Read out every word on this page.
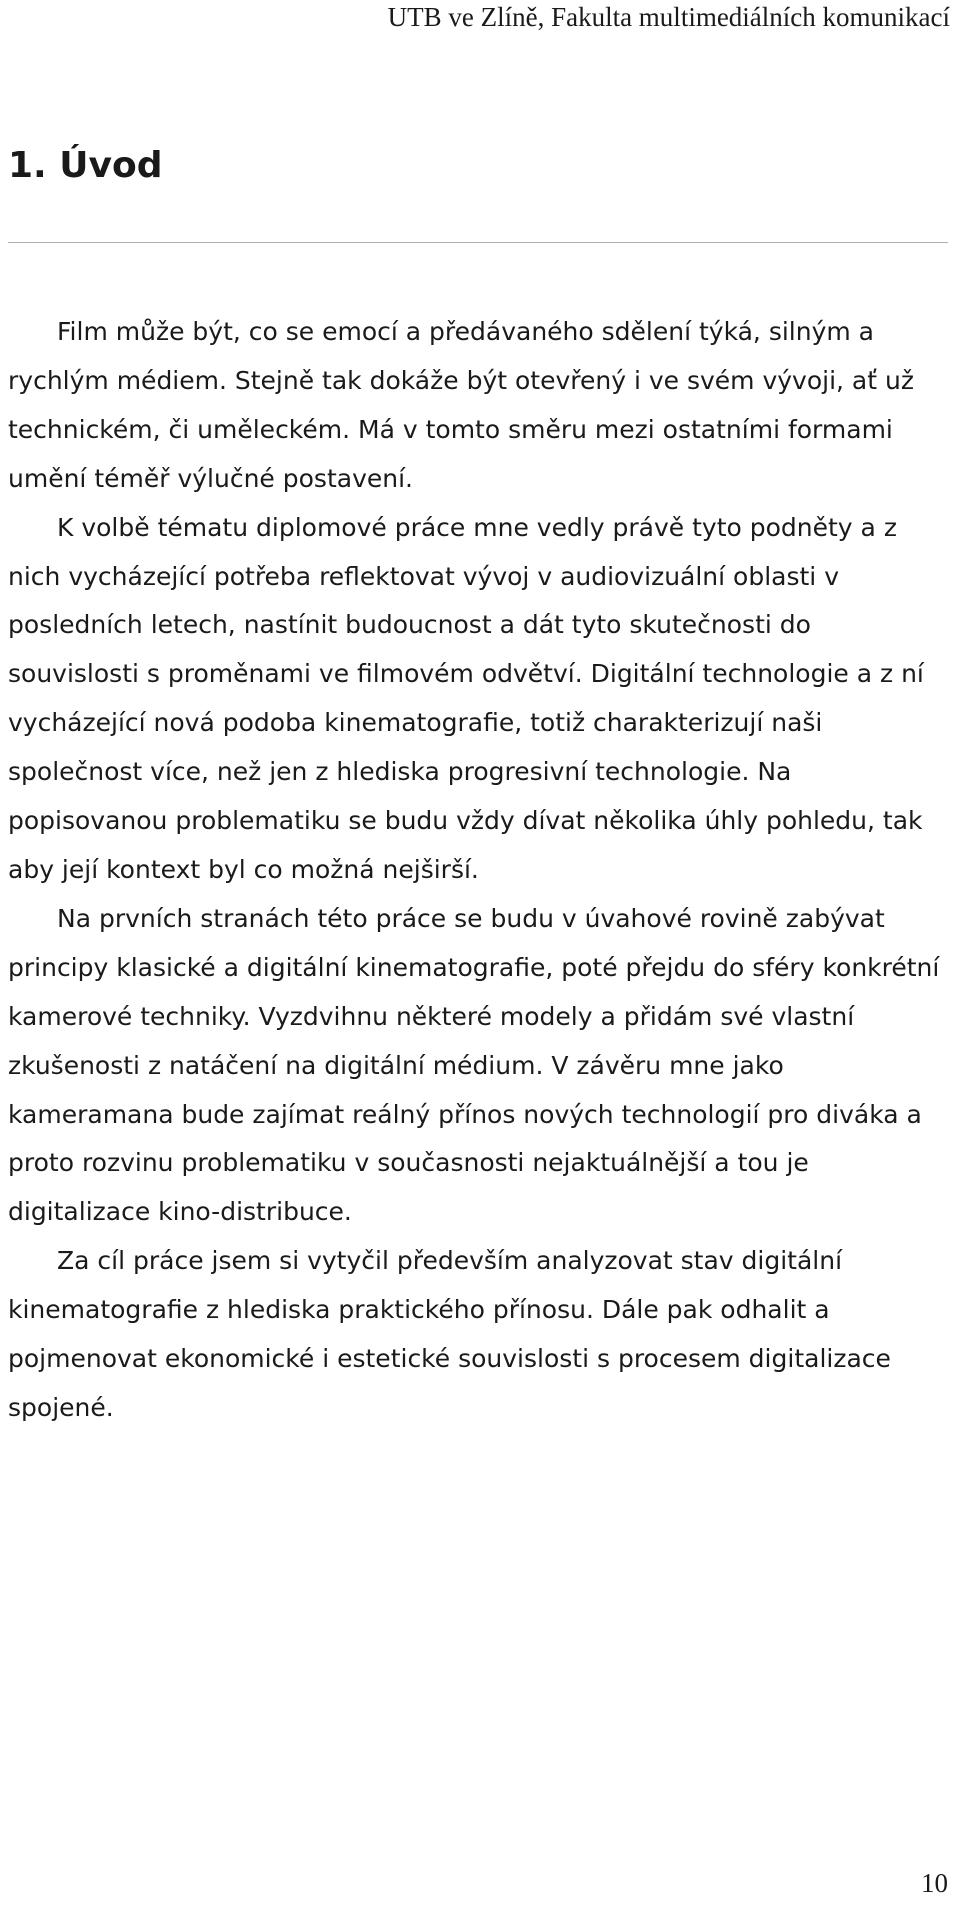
UTB ve Zlíně, Fakulta multimediálních komunikací

1. Úvod

Film může být, co se emocí a předávaného sdělení týká, silným a rychlým médiem. Stejně tak dokáže být otevřený i ve svém vývoji, ať už technickém, či uměleckém. Má v tomto směru mezi ostatními formami umění téměř výlučné postavení.

K volbě tématu diplomové práce mne vedly právě tyto podněty a z nich vycházející potřeba reflektovat vývoj v audiovizuální oblasti v posledních letech, nastínit budoucnost a dát tyto skutečnosti do souvislosti s proměnami ve filmovém odvětví. Digitální technologie a z ní vycházející nová podoba kinematografie, totiž charakterizují naši společnost více, než jen z hlediska progresivní technologie. Na popisovanou problematiku se budu vždy dívat několika úhly pohledu, tak aby její kontext byl co možná nejširší.

Na prvních stranách této práce se budu v úvahové rovině zabývat principy klasické a digitální kinematografie, poté přejdu do sféry konkrétní kamerové techniky. Vyzdvihnu některé modely a přidám své vlastní zkušenosti z natáčení na digitální médium. V závěru mne jako kameramana bude zajímat reálný přínos nových technologií pro diváka a proto rozvinu problematiku v současnosti nejaktuálnější a tou je digitalizace kino-distribuce.

Za cíl práce jsem si vytyčil především analyzovat stav digitální kinematografie z hlediska praktického přínosu. Dále pak odhalit a pojmenovat ekonomické i estetické souvislosti s procesem digitalizace spojené.

10
